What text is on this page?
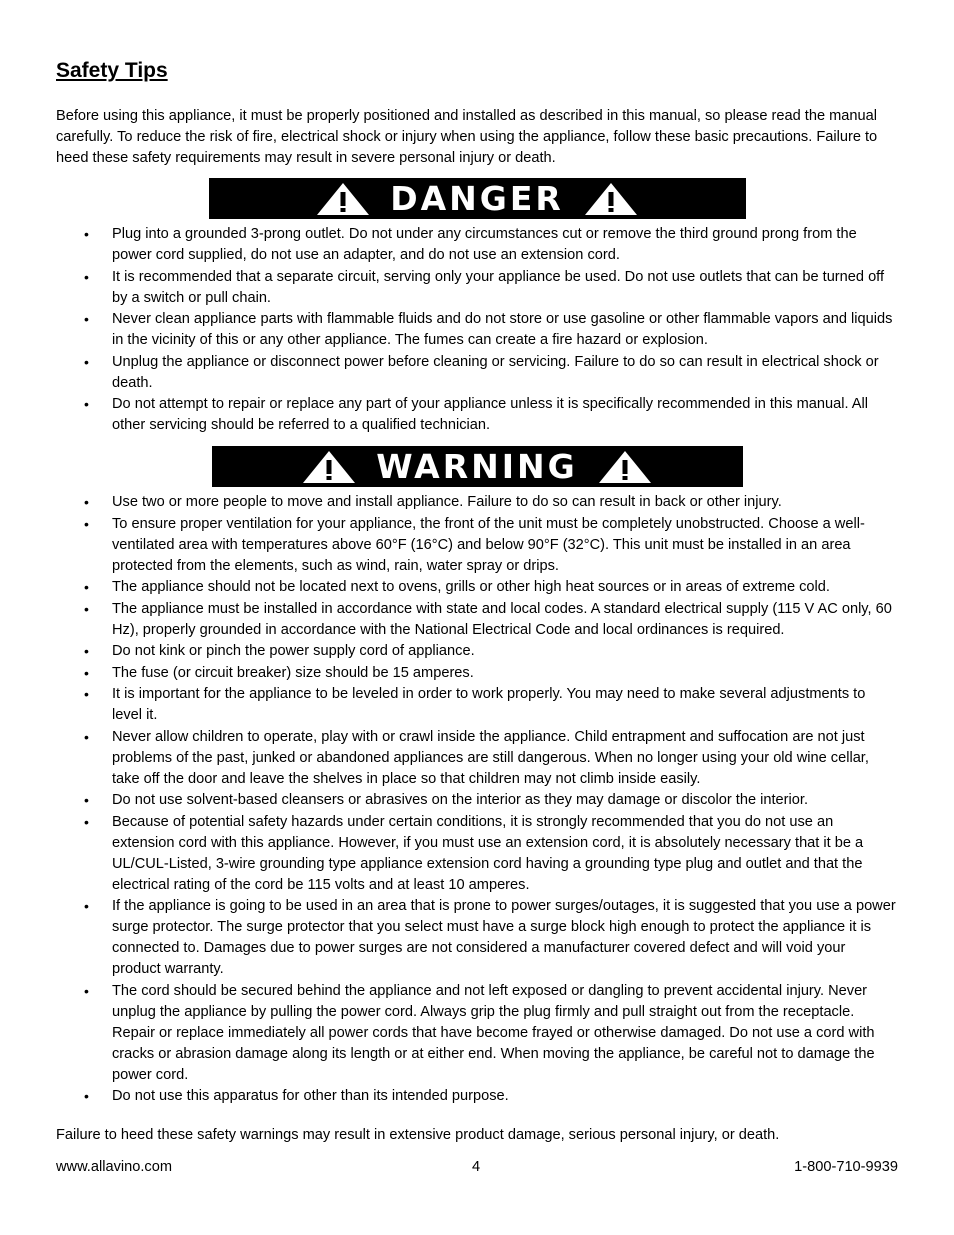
Safety Tips

Before using this appliance, it must be properly positioned and installed as described in this manual, so please read the manual carefully. To reduce the risk of fire, electrical shock or injury when using the appliance, follow these basic precautions. Failure to heed these safety requirements may result in severe personal injury or death.

DANGER
• Plug into a grounded 3-prong outlet. Do not under any circumstances cut or remove the third ground prong from the power cord supplied, do not use an adapter, and do not use an extension cord.
• It is recommended that a separate circuit, serving only your appliance be used. Do not use outlets that can be turned off by a switch or pull chain.
• Never clean appliance parts with flammable fluids and do not store or use gasoline or other flammable vapors and liquids in the vicinity of this or any other appliance. The fumes can create a fire hazard or explosion.
• Unplug the appliance or disconnect power before cleaning or servicing. Failure to do so can result in electrical shock or death.
• Do not attempt to repair or replace any part of your appliance unless it is specifically recommended in this manual. All other servicing should be referred to a qualified technician.
WARNING
• Use two or more people to move and install appliance. Failure to do so can result in back or other injury.
• To ensure proper ventilation for your appliance, the front of the unit must be completely unobstructed. Choose a well-ventilated area with temperatures above 60°F (16°C) and below 90°F (32°C). This unit must be installed in an area protected from the elements, such as wind, rain, water spray or drips.
• The appliance should not be located next to ovens, grills or other high heat sources or in areas of extreme cold.
• The appliance must be installed in accordance with state and local codes. A standard electrical supply (115 V AC only, 60 Hz), properly grounded in accordance with the National Electrical Code and local ordinances is required.
• Do not kink or pinch the power supply cord of appliance.
• The fuse (or circuit breaker) size should be 15 amperes.
• It is important for the appliance to be leveled in order to work properly. You may need to make several adjustments to level it.
• Never allow children to operate, play with or crawl inside the appliance. Child entrapment and suffocation are not just problems of the past, junked or abandoned appliances are still dangerous. When no longer using your old wine cellar, take off the door and leave the shelves in place so that children may not climb inside easily.
• Do not use solvent-based cleansers or abrasives on the interior as they may damage or discolor the interior.
• Because of potential safety hazards under certain conditions, it is strongly recommended that you do not use an extension cord with this appliance. However, if you must use an extension cord, it is absolutely necessary that it be a UL/CUL-Listed, 3-wire grounding type appliance extension cord having a grounding type plug and outlet and that the electrical rating of the cord be 115 volts and at least 10 amperes.
• If the appliance is going to be used in an area that is prone to power surges/outages, it is suggested that you use a power surge protector. The surge protector that you select must have a surge block high enough to protect the appliance it is connected to. Damages due to power surges are not considered a manufacturer covered defect and will void your product warranty.
• The cord should be secured behind the appliance and not left exposed or dangling to prevent accidental injury. Never unplug the appliance by pulling the power cord. Always grip the plug firmly and pull straight out from the receptacle. Repair or replace immediately all power cords that have become frayed or otherwise damaged. Do not use a cord with cracks or abrasion damage along its length or at either end. When moving the appliance, be careful not to damage the power cord.
• Do not use this apparatus for other than its intended purpose.

Failure to heed these safety warnings may result in extensive product damage, serious personal injury, or death.

www.allavino.com	4	1-800-710-9939
